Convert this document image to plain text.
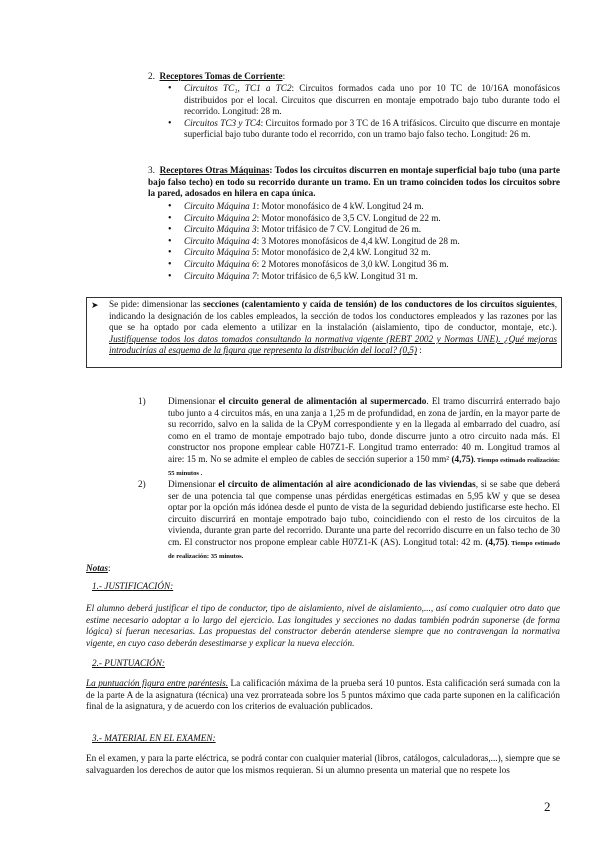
2. Receptores Tomas de Corriente:
• Circuitos TC₁, TC1 a TC2: Circuitos formados cada uno por 10 TC de 10/16A monofásicos distribuidos por el local. Circuitos que discurren en montaje empotrado bajo tubo durante todo el recorrido. Longitud: 28 m.
• Circuitos TC3 y TC4: Circuitos formado por 3 TC de 16 A trifásicos. Circuito que discurre en montaje superficial bajo tubo durante todo el recorrido, con un tramo bajo falso techo. Longitud: 26 m.
3. Receptores Otras Máquinas: Todos los circuitos discurren en montaje superficial bajo tubo (una parte bajo falso techo) en todo su recorrido durante un tramo. En un tramo coinciden todos los circuitos sobre la pared, adosados en hilera en capa única.
• Circuito Máquina 1: Motor monofásico de 4 kW. Longitud 24 m.
• Circuito Máquina 2: Motor monofásico de 3,5 CV. Longitud de 22 m.
• Circuito Máquina 3: Motor trifásico de 7 CV. Longitud de 26 m.
• Circuito Máquina 4: 3 Motores monofásicos de 4,4 kW. Longitud de 28 m.
• Circuito Máquina 5: Motor monofásico de 2,4 kW. Longitud 32 m.
• Circuito Máquina 6: 2 Motores monofásicos de 3,0 kW. Longitud 36 m.
• Circuito Máquina 7: Motor trifásico de 6,5 kW. Longitud 31 m.
➤ Se pide: dimensionar las secciones (calentamiento y caída de tensión) de los conductores de los circuitos siguientes, indicando la designación de los cables empleados, la sección de todos los conductores empleados y las razones por las que se ha optado por cada elemento a utilizar en la instalación (aislamiento, tipo de conductor, montaje, etc.). Justifíquense todos los datos tomados consultando la normativa vigente (REBT 2002 y Normas UNE). ¿Qué mejoras introducirías al esquema de la figura que representa la distribución del local? (0,5) :
1) Dimensionar el circuito general de alimentación al supermercado. El tramo discurrirá enterrado bajo tubo junto a 4 circuitos más, en una zanja a 1,25 m de profundidad, en zona de jardín, en la mayor parte de su recorrido, salvo en la salida de la CPyM correspondiente y en la llegada al embarrado del cuadro, así como en el tramo de montaje empotrado bajo tubo, donde discurre junto a otro circuito nada más. El constructor nos propone emplear cable H07Z1-F. Longitud tramo enterrado: 40 m. Longitud tramos al aire: 15 m. No se admite el empleo de cables de sección superior a 150 mm² (4,75). Tiempo estimado realización: 55 minutos .
2) Dimensionar el circuito de alimentación al aire acondicionado de las viviendas, si se sabe que deberá ser de una potencia tal que compense unas pérdidas energéticas estimadas en 5,95 kW y que se desea optar por la opción más idónea desde el punto de vista de la seguridad debiendo justificarse este hecho. El circuito discurrirá en montaje empotrado bajo tubo, coincidiendo con el resto de los circuitos de la vivienda, durante gran parte del recorrido. Durante una parte del recorrido discurre en un falso techo de 30 cm. El constructor nos propone emplear cable H07Z1-K (AS). Longitud total: 42 m. (4,75). Tiempo estimado de realización: 35 minutos.
Notas:
1.- JUSTIFICACIÓN:
El alumno deberá justificar el tipo de conductor, tipo de aislamiento, nivel de aislamiento,..., así como cualquier otro dato que estime necesario adoptar a lo largo del ejercicio. Las longitudes y secciones no dadas también podrán suponerse (de forma lógica) si fueran necesarias. Las propuestas del constructor deberán atenderse siempre que no contravengan la normativa vigente, en cuyo caso deberán desestimarse y explicar la nueva elección.
2.- PUNTUACIÓN:
La puntuación figura entre paréntesis. La calificación máxima de la prueba será 10 puntos. Esta calificación será sumada con la de la parte A de la asignatura (técnica) una vez prorrateada sobre los 5 puntos máximo que cada parte suponen en la calificación final de la asignatura, y de acuerdo con los criterios de evaluación publicados.
3.- MATERIAL EN EL EXAMEN:
En el examen, y para la parte eléctrica, se podrá contar con cualquier material (libros, catálogos, calculadoras,...), siempre que se salvaguarden los derechos de autor que los mismos requieran. Si un alumno presenta un material que no respete los
2
